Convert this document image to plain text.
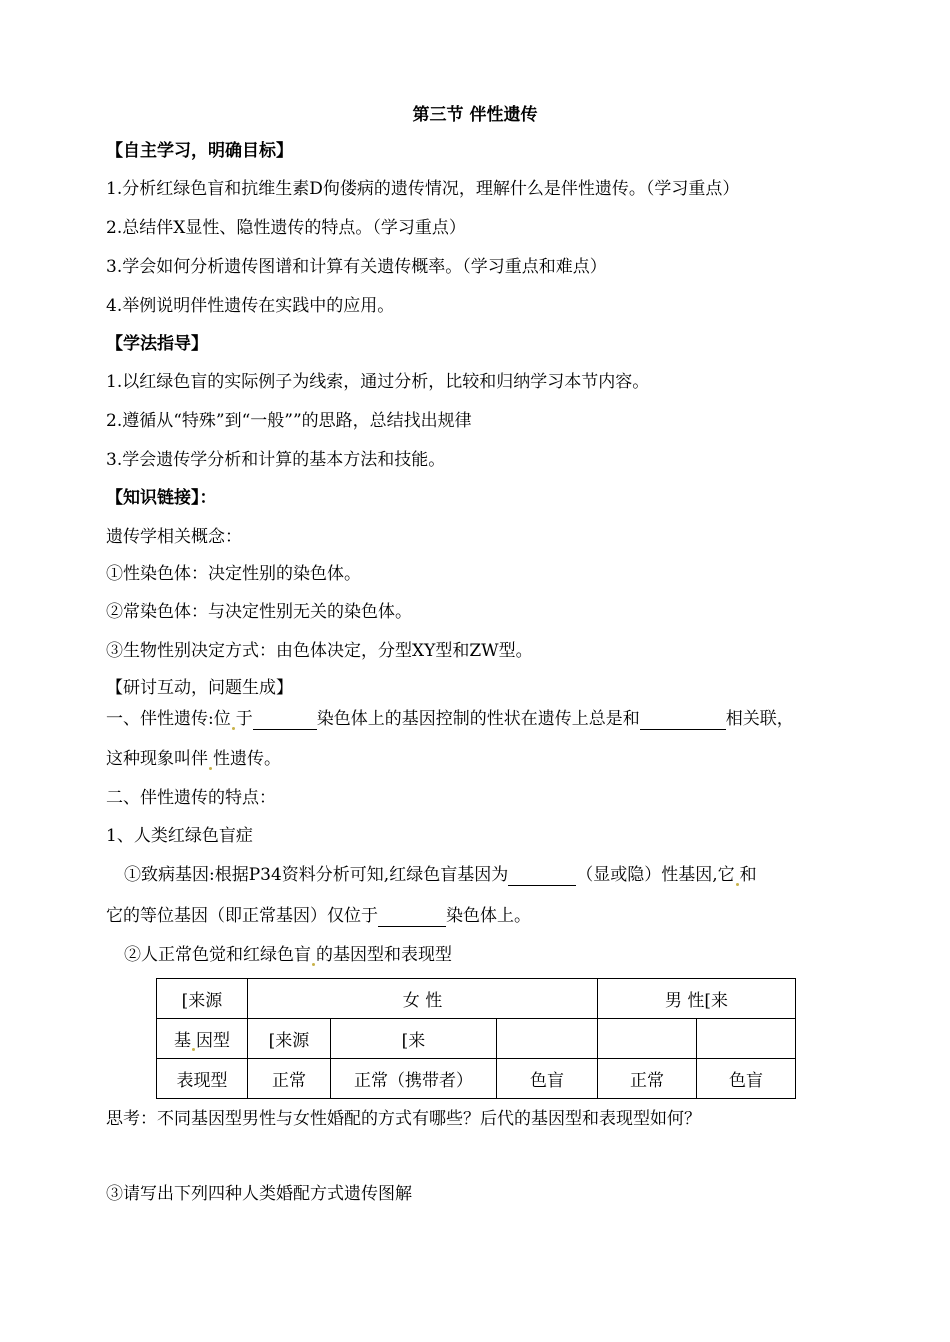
第三节 伴性遗传
【自主学习，明确目标】
1.分析红绿色盲和抗维生素D佝偻病的遗传情况，理解什么是伴性遗传。（学习重点）
2.总结伴X显性、隐性遗传的特点。（学习重点）
3.学会如何分析遗传图谱和计算有关遗传概率。（学习重点和难点）
4.举例说明伴性遗传在实践中的应用。
【学法指导】
1.以红绿色盲的实际例子为线索，通过分析，比较和归纳学习本节内容。
2.遵循从“特殊”到“一般””的思路，总结找出规律
3.学会遗传学分析和计算的基本方法和技能。
【知识链接】：
遗传学相关概念：
①性染色体：决定性别的染色体。
②常染色体：与决定性别无关的染色体。
③生物性别决定方式：由色体决定，分型XY型和ZW型。
【研讨互动，问题生成】
一、伴性遗传:位 于	染色体上的基因控制的性状在遗传上总是和	相关联，
这种现象叫伴 性遗传。
二、伴性遗传的特点：
1、人类红绿色盲症
①致病基因:根据P34资料分析可知,红绿色盲基因为	（显或隐）性基因,它 和
它的等位基因（即正常基因）仅位于	染色体上。
②人正常色觉和红绿色盲 的基因型和表现型
[来源	女 性			男 性[来	
基 因型	[来源	[来			
表现型	正常	正常（携带者）	色盲	正常	色盲
思考：不同基因型男性与女性婚配的方式有哪些？后代的基因型和表现型如何？
③请写出下列四种人类婚配方式遗传图解
